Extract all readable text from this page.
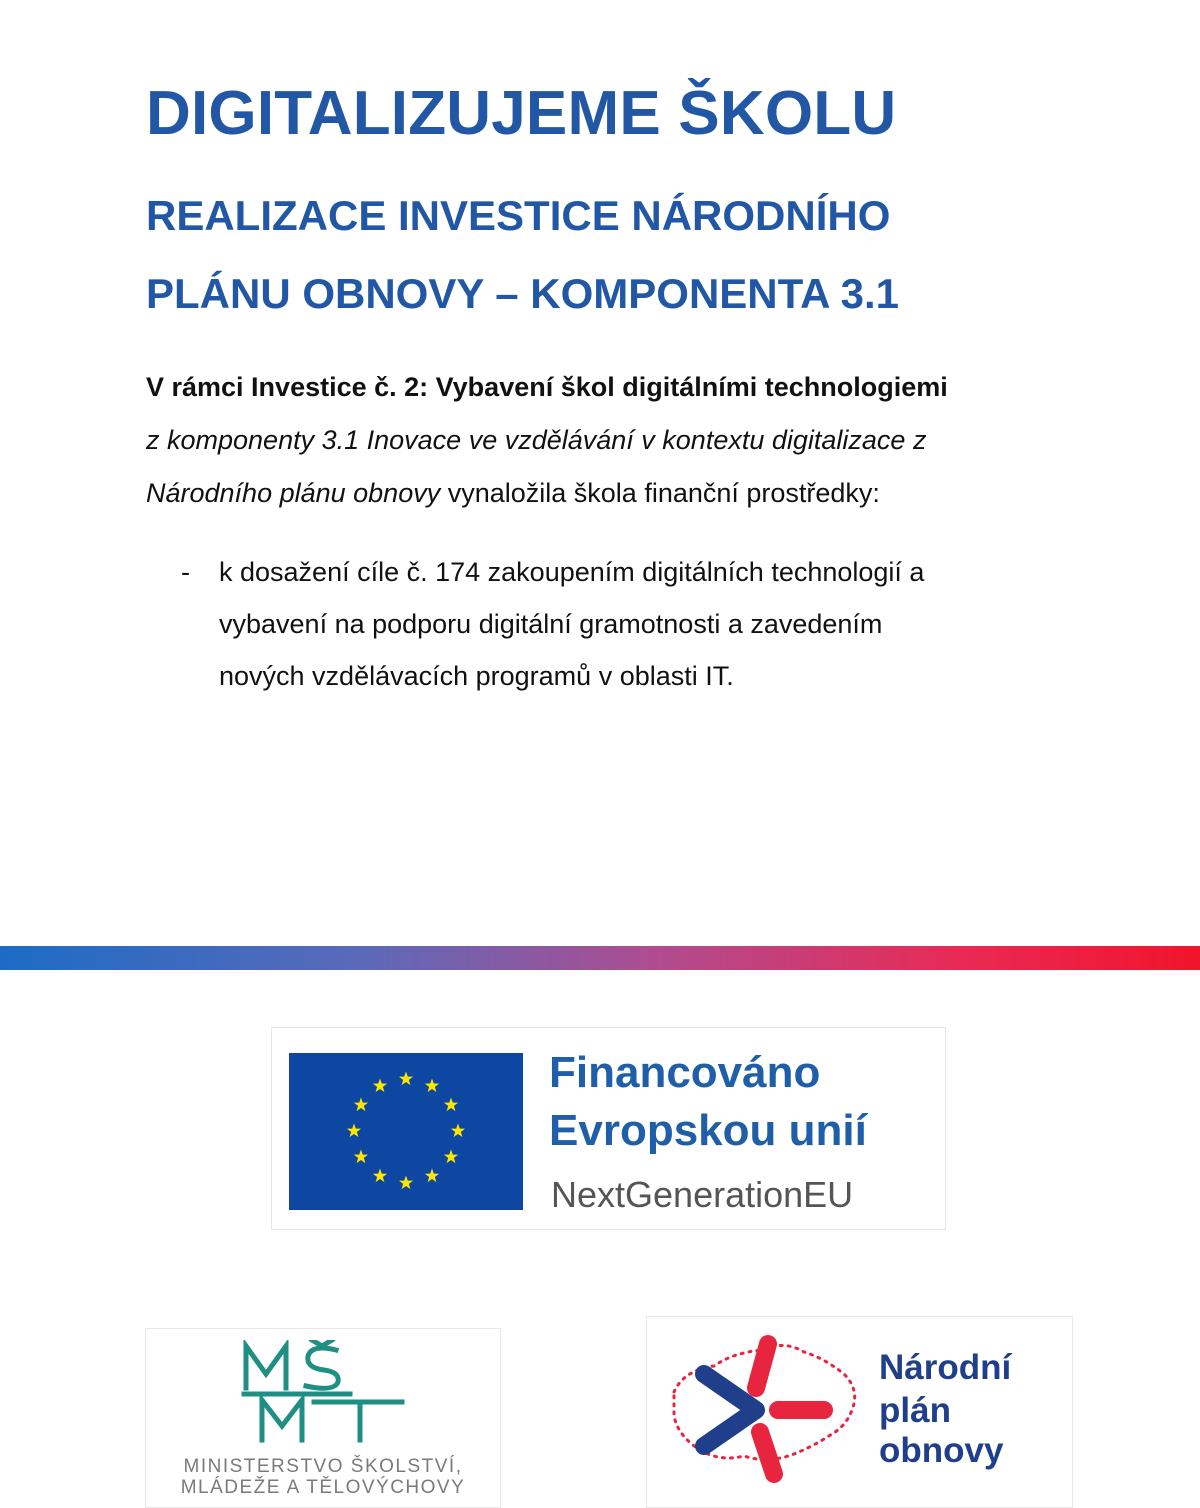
DIGITALIZUJEME ŠKOLU
REALIZACE INVESTICE NÁRODNÍHO
PLÁNU OBNOVY – KOMPONENTA 3.1
V rámci Investice č. 2: Vybavení škol digitálními technologiemi
z komponenty 3.1 Inovace ve vzdělávání v kontextu digitalizace z
Národního plánu obnovy vynaložila škola finanční prostředky:
- k dosažení cíle č. 174 zakoupením digitálních technologií a
vybavení na podporu digitální gramotnosti a zavedením
nových vzdělávacích programů v oblasti IT.
Financováno
Evropskou unií
NextGenerationEU
MINISTERSTVO ŠKOLSTVÍ,
MLÁDEŽE A TĚLOVÝCHOVY
Národní
plán
obnovy
